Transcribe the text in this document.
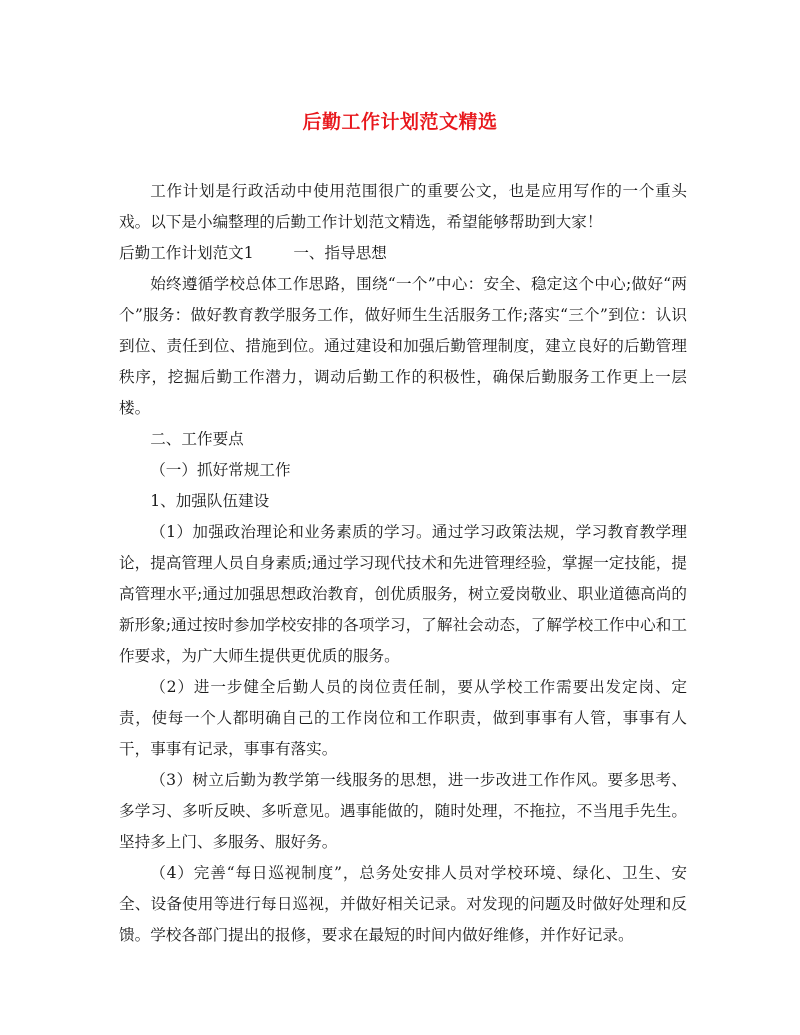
后勤工作计划范文精选

工作计划是行政活动中使用范围很广的重要公文，也是应用写作的一个重头戏。以下是小编整理的后勤工作计划范文精选，希望能够帮助到大家！

后勤工作计划范文1        一、指导思想

始终遵循学校总体工作思路，围绕“一个”中心：安全、稳定这个中心;做好“两个”服务：做好教育教学服务工作，做好师生生活服务工作;落实“三个”到位：认识到位、责任到位、措施到位。通过建设和加强后勤管理制度，建立良好的后勤管理秩序，挖掘后勤工作潜力，调动后勤工作的积极性，确保后勤服务工作更上一层楼。

二、工作要点

（一）抓好常规工作

1、加强队伍建设

（1）加强政治理论和业务素质的学习。通过学习政策法规，学习教育教学理论，提高管理人员自身素质;通过学习现代技术和先进管理经验，掌握一定技能，提高管理水平;通过加强思想政治教育，创优质服务，树立爱岗敬业、职业道德高尚的新形象;通过按时参加学校安排的各项学习，了解社会动态，了解学校工作中心和工作要求，为广大师生提供更优质的服务。

（2）进一步健全后勤人员的岗位责任制，要从学校工作需要出发定岗、定责，使每一个人都明确自己的工作岗位和工作职责，做到事事有人管，事事有人干，事事有记录，事事有落实。

（3）树立后勤为教学第一线服务的思想，进一步改进工作作风。要多思考、多学习、多听反映、多听意见。遇事能做的，随时处理，不拖拉，不当甩手先生。坚持多上门、多服务、服好务。

（4）完善“每日巡视制度”，总务处安排人员对学校环境、绿化、卫生、安全、设备使用等进行每日巡视，并做好相关记录。对发现的问题及时做好处理和反馈。学校各部门提出的报修，要求在最短的时间内做好维修，并作好记录。
